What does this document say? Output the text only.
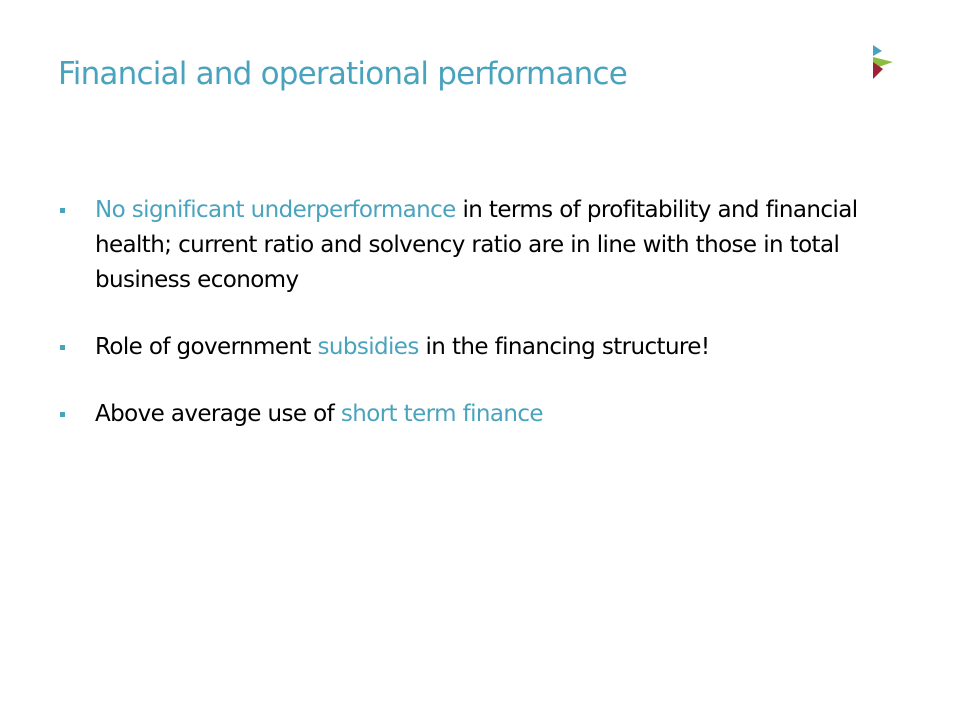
Financial and operational performance
No significant underperformance in terms of profitability and financial health; current ratio and solvency ratio are in line with those in total business economy
Role of government subsidies in the financing structure!
Above average use of short term finance
